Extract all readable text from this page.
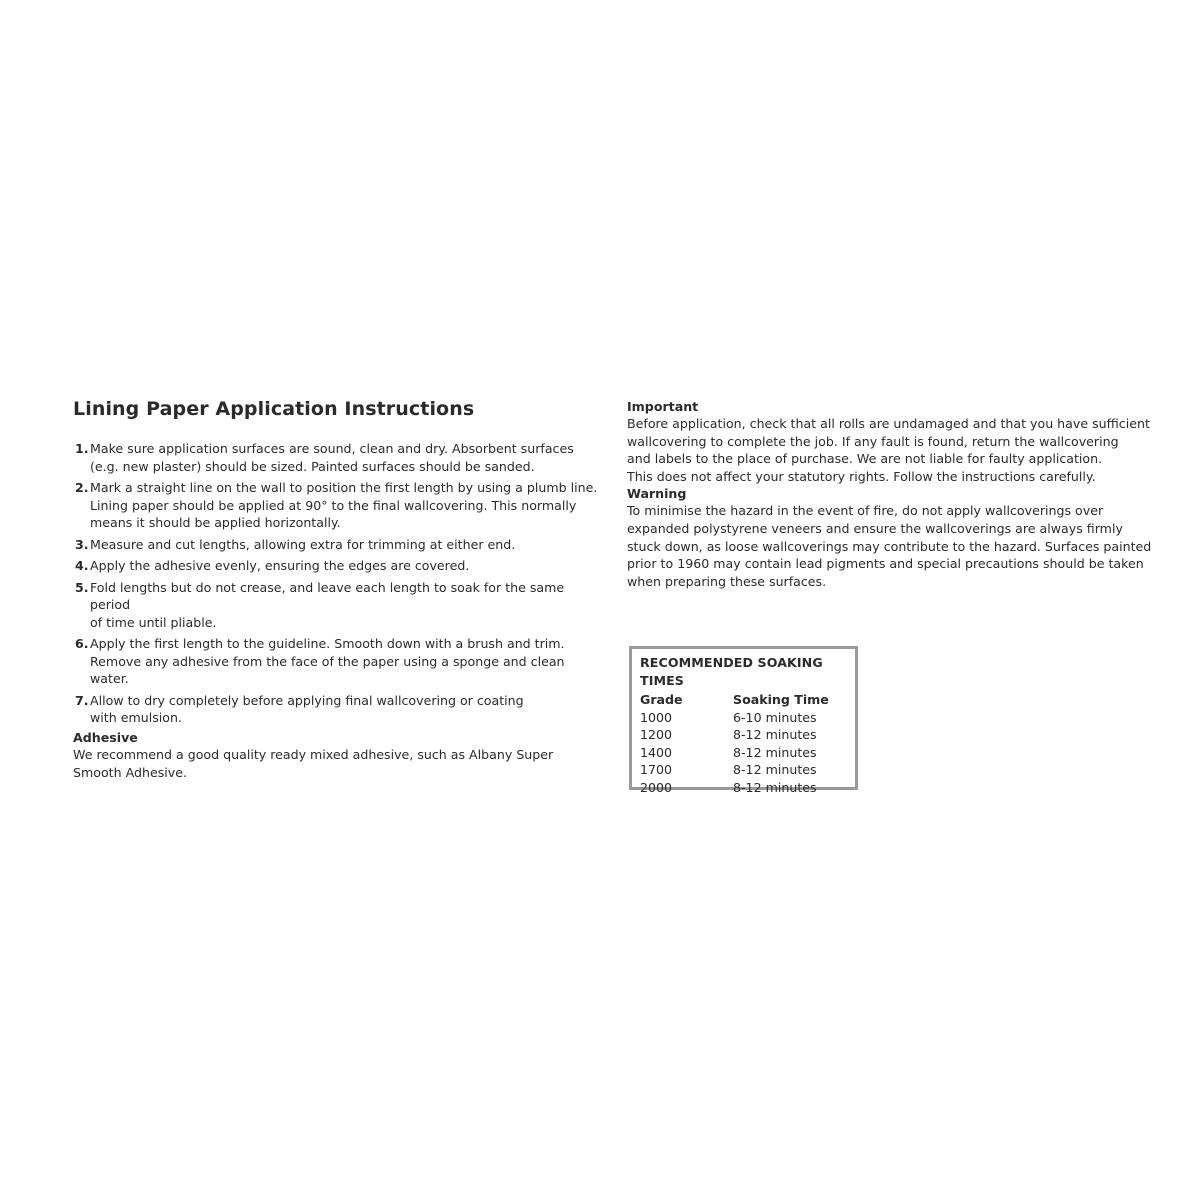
Lining Paper Application Instructions
1. Make sure application surfaces are sound, clean and dry. Absorbent surfaces
(e.g. new plaster) should be sized. Painted surfaces should be sanded.
2. Mark a straight line on the wall to position the first length by using a plumb line.
Lining paper should be applied at 90° to the final wallcovering. This normally
means it should be applied horizontally.
3. Measure and cut lengths, allowing extra for trimming at either end.
4. Apply the adhesive evenly, ensuring the edges are covered.
5. Fold lengths but do not crease, and leave each length to soak for the same period
of time until pliable.
6. Apply the first length to the guideline. Smooth down with a brush and trim.
Remove any adhesive from the face of the paper using a sponge and clean water.
7. Allow to dry completely before applying final wallcovering or coating
with emulsion.
Adhesive

We recommend a good quality ready mixed adhesive, such as Albany Super
Smooth Adhesive.

Important

Before application, check that all rolls are undamaged and that you have sufficient
wallcovering to complete the job. If any fault is found, return the wallcovering
and labels to the place of purchase. We are not liable for faulty application.
This does not affect your statutory rights. Follow the instructions carefully.

Warning

To minimise the hazard in the event of fire, do not apply wallcoverings over
expanded polystyrene veneers and ensure the wallcoverings are always firmly
stuck down, as loose wallcoverings may contribute to the hazard. Surfaces painted
prior to 1960 may contain lead pigments and special precautions should be taken
when preparing these surfaces.

RECOMMENDED SOAKING TIMES
Grade	Soaking Time
1000	6-10 minutes
1200	8-12 minutes
1400	8-12 minutes
1700	8-12 minutes
2000	8-12 minutes
